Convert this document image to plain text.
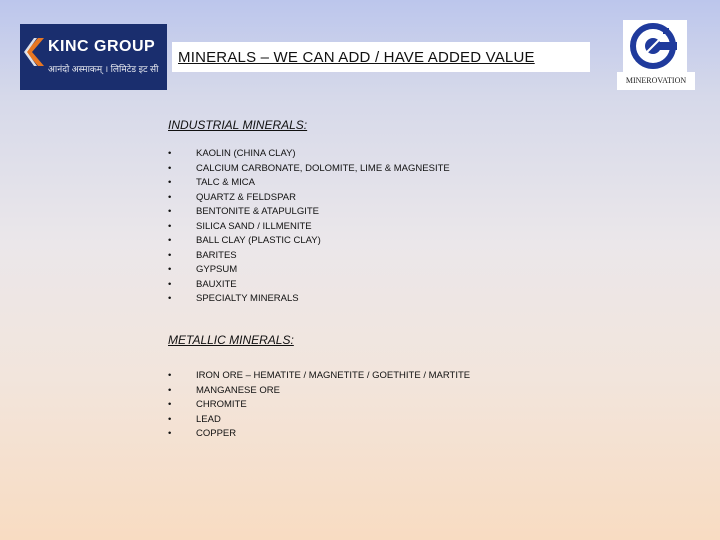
KINC GROUP
आनंदो अस्माकम् । लिमिटेड इट सी
MINERALS – WE CAN ADD / HAVE ADDED VALUE
MINEROVATION
INDUSTRIAL MINERALS:
•	KAOLIN (CHINA CLAY)
•	CALCIUM CARBONATE, DOLOMITE, LIME & MAGNESITE
•	TALC & MICA
•	QUARTZ & FELDSPAR
•	BENTONITE & ATAPULGITE
•	SILICA SAND / ILLMENITE
•	BALL CLAY (PLASTIC CLAY)
•	BARITES
•	GYPSUM
•	BAUXITE
•	SPECIALTY MINERALS
METALLIC MINERALS:
•	IRON ORE – HEMATITE / MAGNETITE / GOETHITE / MARTITE
•	MANGANESE ORE
•	CHROMITE
•	LEAD
•	COPPER
